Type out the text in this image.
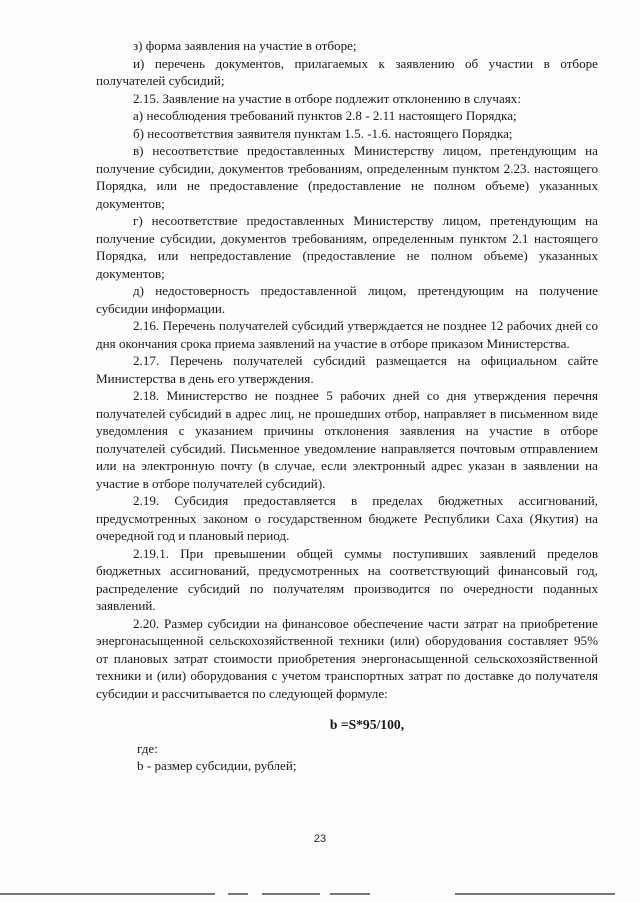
з) форма заявления на участие в отборе;

и) перечень документов, прилагаемых к заявлению об участии в отборе получателей субсидий;

2.15. Заявление на участие в отборе подлежит отклонению в случаях:

а) несоблюдения требований пунктов 2.8 - 2.11 настоящего Порядка;

б) несоответствия заявителя пунктам 1.5. -1.6. настоящего Порядка;

в) несоответствие предоставленных Министерству лицом, претендующим на получение субсидии, документов требованиям, определенным пунктом 2.23. настоящего Порядка, или не предоставление (предоставление не полном объеме) указанных документов;

г) несоответствие предоставленных Министерству лицом, претендующим на получение субсидии, документов требованиям, определенным пунктом 2.1 настоящего Порядка, или непредоставление (предоставление не полном объеме) указанных документов;

д) недостоверность предоставленной лицом, претендующим на получение субсидии информации.

2.16. Перечень получателей субсидий утверждается не позднее 12 рабочих дней со дня окончания срока приема заявлений на участие в отборе приказом Министерства.

2.17. Перечень получателей субсидий размещается на официальном сайте Министерства в день его утверждения.

2.18. Министерство не позднее 5 рабочих дней со дня утверждения перечня получателей субсидий в адрес лиц, не прошедших отбор, направляет в письменном виде уведомления с указанием причины отклонения заявления на участие в отборе получателей субсидий. Письменное уведомление направляется почтовым отправлением или на электронную почту (в случае, если электронный адрес указан в заявлении на участие в отборе получателей субсидий).

2.19. Субсидия предоставляется в пределах бюджетных ассигнований, предусмотренных законом о государственном бюджете Республики Саха (Якутия) на очередной год и плановый период.

2.19.1. При превышении общей суммы поступивших заявлений пределов бюджетных ассигнований, предусмотренных на соответствующий финансовый год, распределение субсидий по получателям производится по очередности поданных заявлений.

2.20. Размер субсидии на финансовое обеспечение части затрат на приобретение энергонасыщенной сельскохозяйственной техники (или) оборудования составляет 95% от плановых затрат стоимости приобретения энергонасыщенной сельскохозяйственной техники и (или) оборудования с учетом транспортных затрат по доставке до получателя субсидии и рассчитывается по следующей формуле:

b =S*95/100,

где:

b - размер субсидии, рублей;

23
